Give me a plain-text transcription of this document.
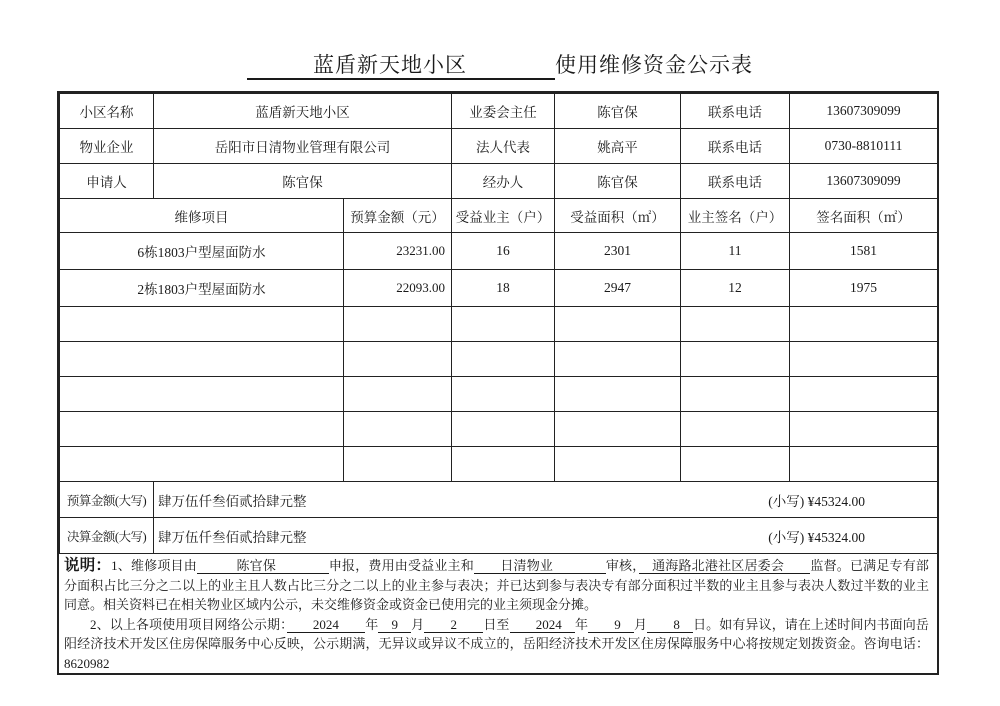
　　　蓝盾新天地小区　　　　使用维修资金公示表
小区名称	蓝盾新天地小区	业委会主任	陈官保	联系电话	13607309099
物业企业	岳阳市日清物业管理有限公司	法人代表	姚高平	联系电话	0730-8810111
申请人	陈官保	经办人	陈官保	联系电话	13607309099
维修项目	预算金额（元）	受益业主（户）	受益面积（㎡）	业主签名（户）	签名面积（㎡）
6栋1803户型屋面防水	23231.00	16	2301	11	1581
2栋1803户型屋面防水	22093.00	18	2947	12	1975

预算金额(大写)	肆万伍仟叁佰贰拾肆元整 (小写) ¥45324.00

决算金额(大写)	肆万伍仟叁佰贰拾肆元整 (小写) ¥45324.00

说明：1、维修项目由　　　陈官保　　　　申报，费用由受益业主和　　日清物业　　　　审核，　通海路北港社区居委会　　监督。已满足专有部分面积占比三分之二以上的业主且人数占比三分之二以上的业主参与表决；并已达到参与表决专有部分面积过半数的业主且参与表决人数过半数的业主同意。相关资料已在相关物业区域内公示，未交维修资金或资金已使用完的业主须现金分摊。

2、以上各项使用项目网络公示期：　　2024　　年　9　月　　2　　日至　　2024　年　　9　月　　8　日。如有异议，请在上述时间内书面向岳阳经济技术开发区住房保障服务中心反映，公示期满，无异议或异议不成立的，岳阳经济技术开发区住房保障服务中心将按规定划拨资金。咨询电话：8620982
